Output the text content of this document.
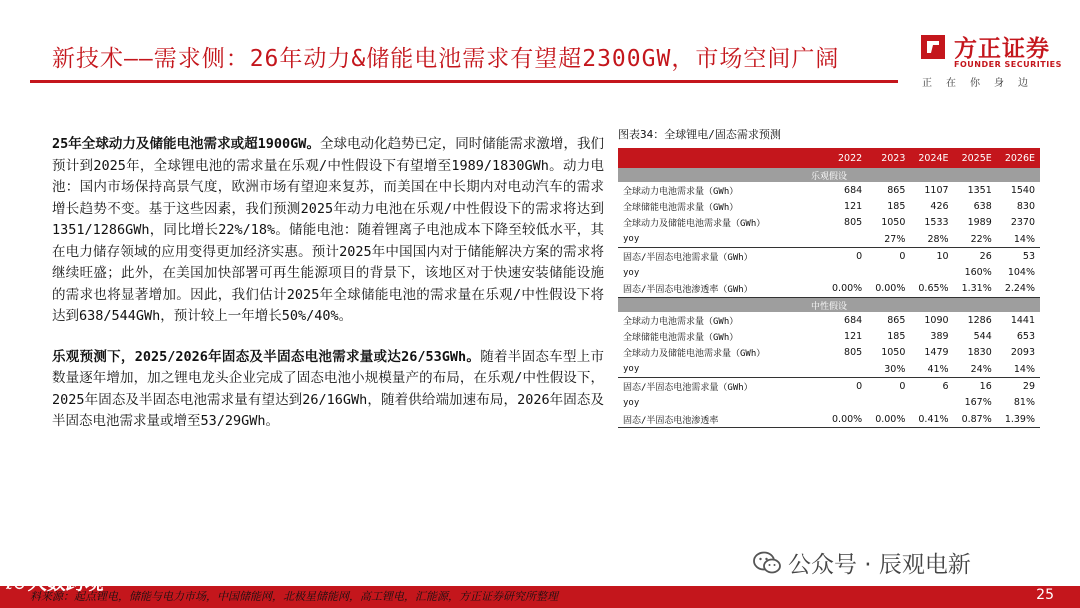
新技术——需求侧：26年动力&储能电池需求有望超2300GW，市场空间广阔	方正证券
FOUNDER SECURITIES
正在你身边

25年全球动力及储能电池需求或超1900GW。全球电动化趋势已定，同时储能需求激增，我们预计到2025年，全球锂电池的需求量在乐观/中性假设下有望增至1989/1830GWh。动力电池：国内市场保持高景气度，欧洲市场有望迎来复苏，而美国在中长期内对电动汽车的需求增长趋势不变。基于这些因素，我们预测2025年动力电池在乐观/中性假设下的需求将达到1351/1286GWh，同比增长22%/18%。储能电池：随着锂离子电池成本下降至较低水平，其在电力储存领域的应用变得更加经济实惠。预计2025年中国国内对于储能解决方案的需求将继续旺盛；此外，在美国加快部署可再生能源项目的背景下，该地区对于快速安装储能设施的需求也将显著增加。因此，我们估计2025年全球储能电池的需求量在乐观/中性假设下将达到638/544GWh，预计较上一年增长50%/40%。

乐观预测下，2025/2026年固态及半固态电池需求量或达26/53GWh。随着半固态车型上市数量逐年增加，加之锂电龙头企业完成了固态电池小规模量产的布局，在乐观/中性假设下，2025年固态及半固态电池需求量有望达到26/16GWh，随着供给端加速布局，2026年固态及半固态电池需求量或增至53/29GWh。

图表34：全球锂电/固态需求预测
	2022	2023	2024E	2025E	2026E
乐观假设					
全球动力电池需求量（GWh）	684	865	1107	1351	1540
全球储能电池需求量（GWh）	121	185	426	638	830
全球动力及储能电池需求量（GWh）	805	1050	1533	1989	2370
yoy		27%	28%	22%	14%
固态/半固态电池需求量（GWh）	0	0	10	26	53
yoy				160%	104%
固态/半固态电池渗透率（GWh）	0.00%	0.00%	0.65%	1.31%	2.24%
中性假设					
全球动力电池需求量（GWh）	684	865	1090	1286	1441
全球储能电池需求量（GWh）	121	185	389	544	653
全球动力及储能电池需求量（GWh）	805	1050	1479	1830	2093
yoy		30%	41%	24%	14%
固态/半固态电池需求量（GWh）	0	0	6	16	29
yoy				167%	81%
固态/半固态电池渗透率	0.00%	0.00%	0.41%	0.87%	1.39%
料来源：起点锂电，储能与电力市场，中国储能网，北极星储能网，高工锂电，汇能源，方正证券研究所整理	25
ℓ⊙ 大数跨境
公众号 · 辰观电新
